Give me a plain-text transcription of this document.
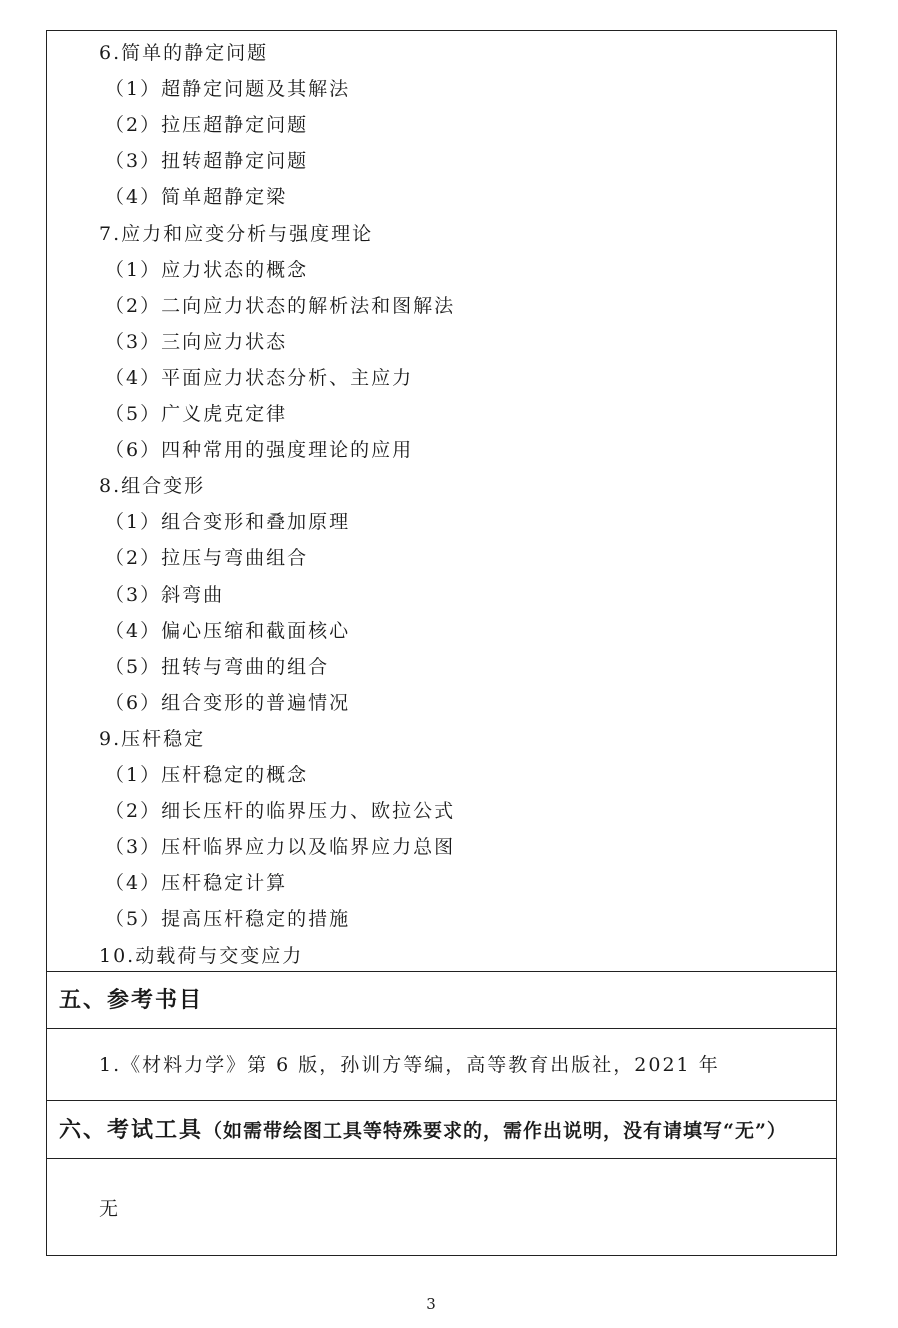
6.简单的静定问题
（1）超静定问题及其解法
（2）拉压超静定问题
（3）扭转超静定问题
（4）简单超静定梁
7.应力和应变分析与强度理论
（1）应力状态的概念
（2）二向应力状态的解析法和图解法
（3）三向应力状态
（4）平面应力状态分析、主应力
（5）广义虎克定律
（6）四种常用的强度理论的应用
8.组合变形
（1）组合变形和叠加原理
（2）拉压与弯曲组合
（3）斜弯曲
（4）偏心压缩和截面核心
（5）扭转与弯曲的组合
（6）组合变形的普遍情况
9.压杆稳定
（1）压杆稳定的概念
（2）细长压杆的临界压力、欧拉公式
（3）压杆临界应力以及临界应力总图
（4）压杆稳定计算
（5）提高压杆稳定的措施
10.动载荷与交变应力
五、参考书目
1.《材料力学》第 6 版，孙训方等编，高等教育出版社，2021 年
六、考试工具（如需带绘图工具等特殊要求的，需作出说明，没有请填写“无”）
无
3
